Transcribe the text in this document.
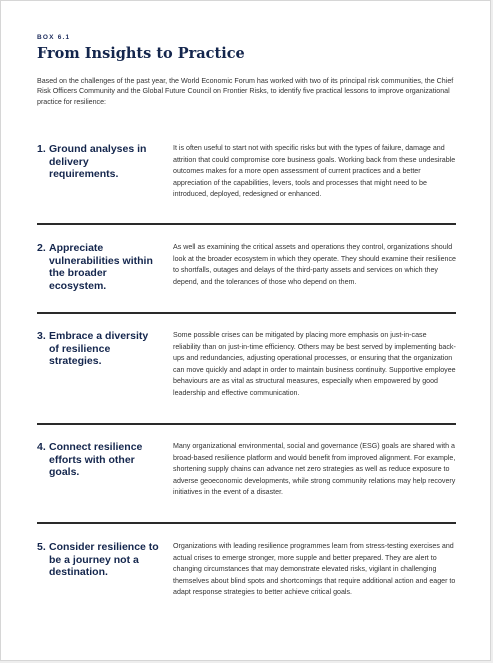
BOX 6.1
From Insights to Practice

Based on the challenges of the past year, the World Economic Forum has worked with two of its principal risk communities, the Chief Risk Officers Community and the Global Future Council on Frontier Risks, to identify five practical lessons to improve organizational practice for resilience:

1. Ground analyses in delivery requirements.
It is often useful to start not with specific risks but with the types of failure, damage and attrition that could compromise core business goals. Working back from these undesirable outcomes makes for a more open assessment of current practices and a better appreciation of the capabilities, levers, tools and processes that might need to be introduced, deployed, redesigned or enhanced.
2. Appreciate vulnerabilities within the broader ecosystem.
As well as examining the critical assets and operations they control, organizations should look at the broader ecosystem in which they operate. They should examine their resilience to shortfalls, outages and delays of the third-party assets and services on which they depend, and the tolerances of those who depend on them.
3. Embrace a diversity of resilience strategies.
Some possible crises can be mitigated by placing more emphasis on just-in-case reliability than on just-in-time efficiency. Others may be best served by implementing back-ups and redundancies, adjusting operational processes, or ensuring that the organization can move quickly and adapt in order to maintain business continuity. Supportive employee behaviours are as vital as structural measures, especially when empowered by good leadership and effective communication.
4. Connect resilience efforts with other goals.
Many organizational environmental, social and governance (ESG) goals are shared with a broad-based resilience platform and would benefit from improved alignment. For example, shortening supply chains can advance net zero strategies as well as reduce exposure to adverse geoeconomic developments, while strong community relations may help recovery initiatives in the event of a disaster.
5. Consider resilience to be a journey not a destination.
Organizations with leading resilience programmes learn from stress-testing exercises and actual crises to emerge stronger, more supple and better prepared. They are alert to changing circumstances that may demonstrate elevated risks, vigilant in challenging themselves about blind spots and shortcomings that require additional action and eager to adapt response strategies to better achieve critical goals.
